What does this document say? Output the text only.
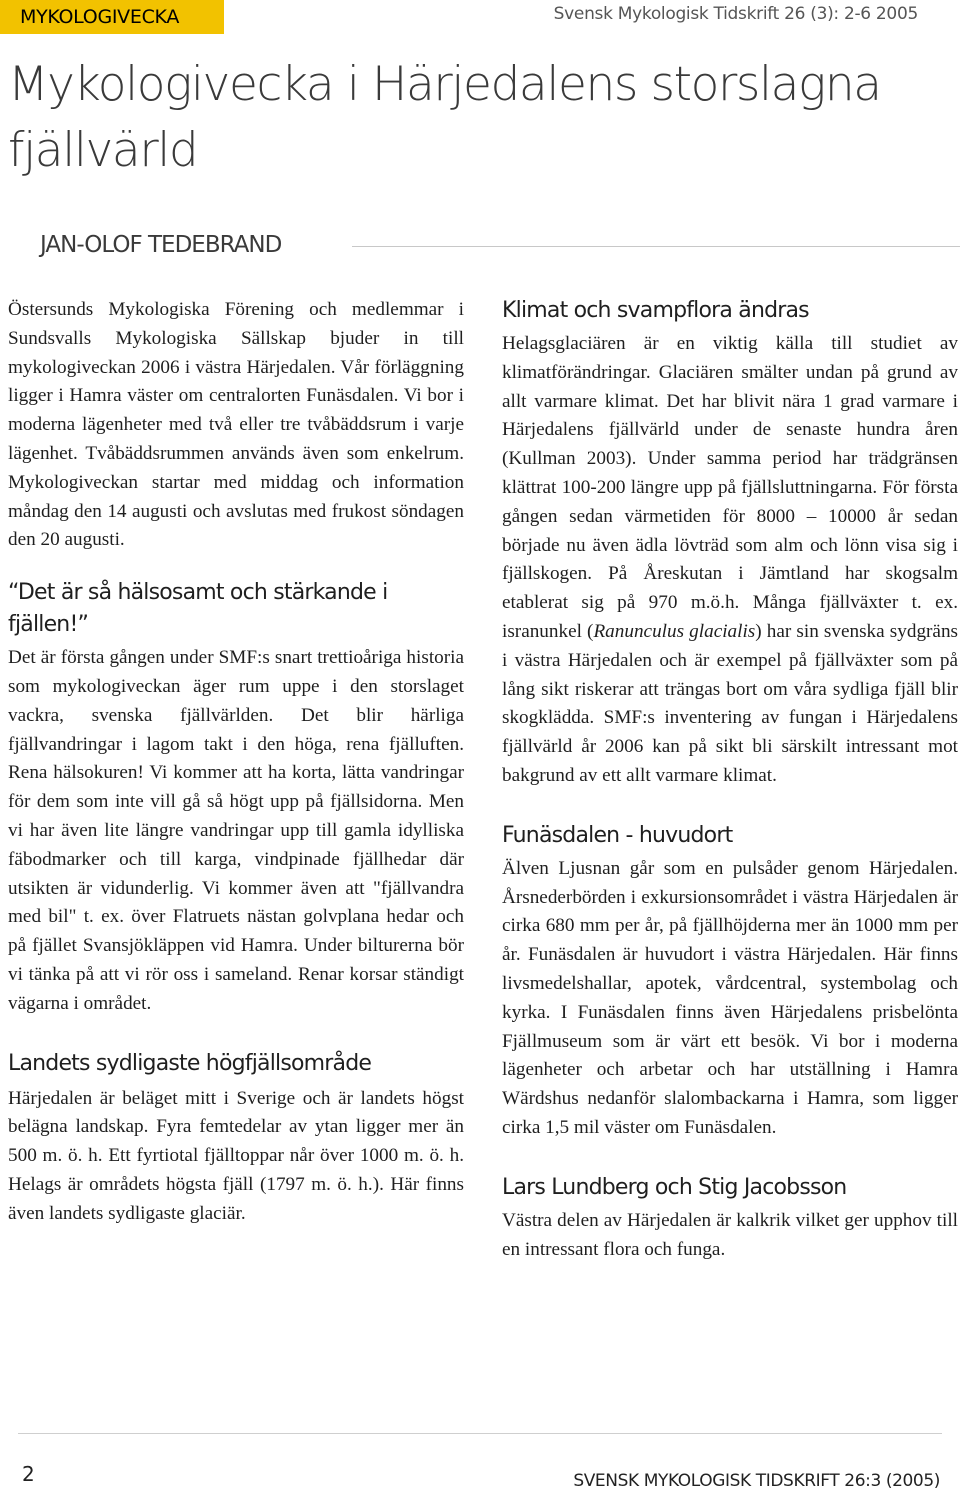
MYKOLOGIVECKA	Svensk Mykologisk Tidskrift 26 (3): 2-6 2005
Mykologivecka i Härjedalens storslagna fjällvärld
JAN-OLOF TEDEBRAND

Östersunds Mykologiska Förening och medlemmar i Sundsvalls Mykologiska Sällskap bjuder in till mykologiveckan 2006 i västra Härjedalen. Vår förläggning ligger i Hamra väster om centralorten Funäsdalen. Vi bor i moderna lägenheter med två eller tre tvåbäddsrum i varje lägenhet. Tvåbäddsrummen används även som enkelrum. Mykologiveckan startar med middag och information måndag den 14 augusti och avslutas med frukost söndagen den 20 augusti.

“Det är så hälsosamt och stärkande i fjällen!”

Det är första gången under SMF:s snart trettioåriga historia som mykologiveckan äger rum uppe i den storslaget vackra, svenska fjällvärlden. Det blir härliga fjällvandringar i lagom takt i den höga, rena fjälluften. Rena hälsokuren! Vi kommer att ha korta, lätta vandringar för dem som inte vill gå så högt upp på fjällsidorna. Men vi har även lite längre vandringar upp till gamla idylliska fäbodmarker och till karga, vindpinade fjällhedar där utsikten är vidunderlig. Vi kommer även att "fjällvandra med bil" t. ex. över Flatruets nästan golvplana hedar och på fjället Svansjökläppen vid Hamra. Under bilturerna bör vi tänka på att vi rör oss i sameland. Renar korsar ständigt vägarna i området.

Landets sydligaste högfjällsområde

Härjedalen är beläget mitt i Sverige och är landets högst belägna landskap. Fyra femtedelar av ytan ligger mer än 500 m. ö. h. Ett fyrtiotal fjälltoppar når över 1000 m. ö. h. Helags är områdets högsta fjäll (1797 m. ö. h.). Här finns även landets sydligaste glaciär.

Klimat och svampflora ändras

Helagsglaciären är en viktig källa till studiet av klimatförändringar. Glaciären smälter undan på grund av allt varmare klimat. Det har blivit nära 1 grad varmare i Härjedalens fjällvärld under de senaste hundra åren (Kullman 2003). Under samma period har trädgränsen klättrat 100-200 längre upp på fjällsluttningarna. För första gången sedan värmetiden för 8000 – 10000 år sedan började nu även ädla lövträd som alm och lönn visa sig i fjällskogen. På Åreskutan i Jämtland har skogsalm etablerat sig på 970 m.ö.h. Många fjällväxter t. ex. isranunkel (Ranunculus glacialis) har sin svenska sydgräns i västra Härjedalen och är exempel på fjällväxter som på lång sikt riskerar att trängas bort om våra sydliga fjäll blir skogklädda. SMF:s inventering av fungan i Härjedalens fjällvärld år 2006 kan på sikt bli särskilt intressant mot bakgrund av ett allt varmare klimat.

Funäsdalen - huvudort

Älven Ljusnan går som en pulsåder genom Härjedalen. Årsnederbörden i exkursionsområdet i västra Härjedalen är cirka 680 mm per år, på fjällhöjderna mer än 1000 mm per år. Funäsdalen är huvudort i västra Härjedalen. Här finns livsmedelshallar, apotek, vårdcentral, systembolag och kyrka. I Funäsdalen finns även Härjedalens prisbelönta Fjällmuseum som är värt ett besök. Vi bor i moderna lägenheter och arbetar och har utställning i Hamra Wärdshus nedanför slalombackarna i Hamra, som ligger cirka 1,5 mil väster om Funäsdalen.

Lars Lundberg och Stig Jacobsson

Västra delen av Härjedalen är kalkrik vilket ger upphov till en intressant flora och funga.

2	SVENSK MYKOLOGISK TIDSKRIFT 26:3 (2005)
